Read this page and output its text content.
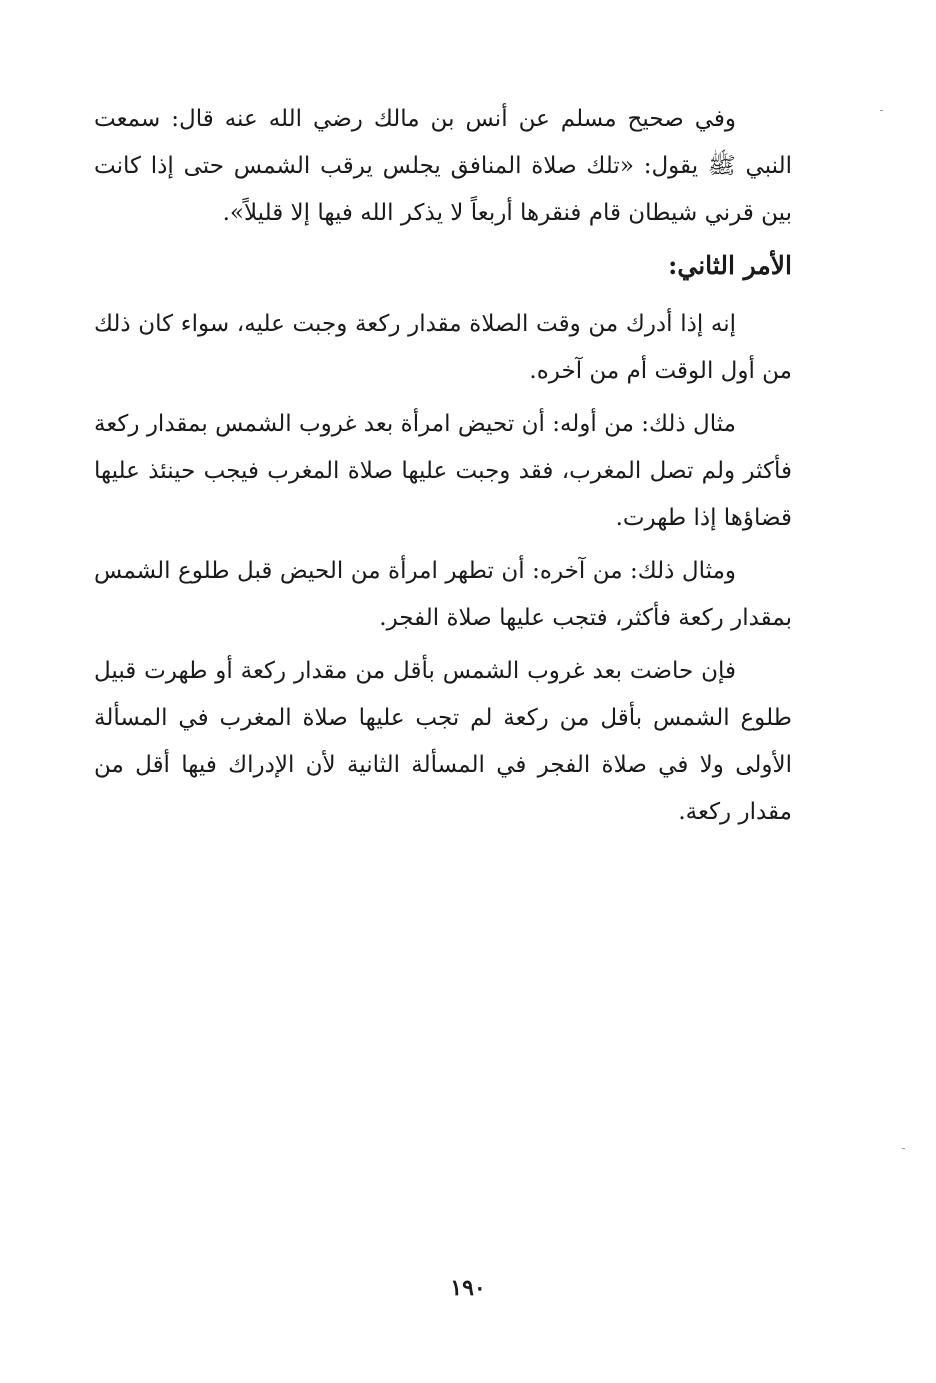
وفي صحيح مسلم عن أنس بن مالك رضي الله عنه قال: سمعت النبي ﷺ يقول: «تلك صلاة المنافق يجلس يرقب الشمس حتى إذا كانت بين قرني شيطان قام فنقرها أربعاً لا يذكر الله فيها إلا قليلاً».

الأمر الثاني:

إنه إذا أدرك من وقت الصلاة مقدار ركعة وجبت عليه، سواء كان ذلك من أول الوقت أم من آخره.

مثال ذلك: من أوله: أن تحيض امرأة بعد غروب الشمس بمقدار ركعة فأكثر ولم تصل المغرب، فقد وجبت عليها صلاة المغرب فيجب حينئذ عليها قضاؤها إذا طهرت.

ومثال ذلك: من آخره: أن تطهر امرأة من الحيض قبل طلوع الشمس بمقدار ركعة فأكثر، فتجب عليها صلاة الفجر.

فإن حاضت بعد غروب الشمس بأقل من مقدار ركعة أو طهرت قبيل طلوع الشمس بأقل من ركعة لم تجب عليها صلاة المغرب في المسألة الأولى ولا في صلاة الفجر في المسألة الثانية لأن الإدراك فيها أقل من مقدار ركعة.

١٩٠
